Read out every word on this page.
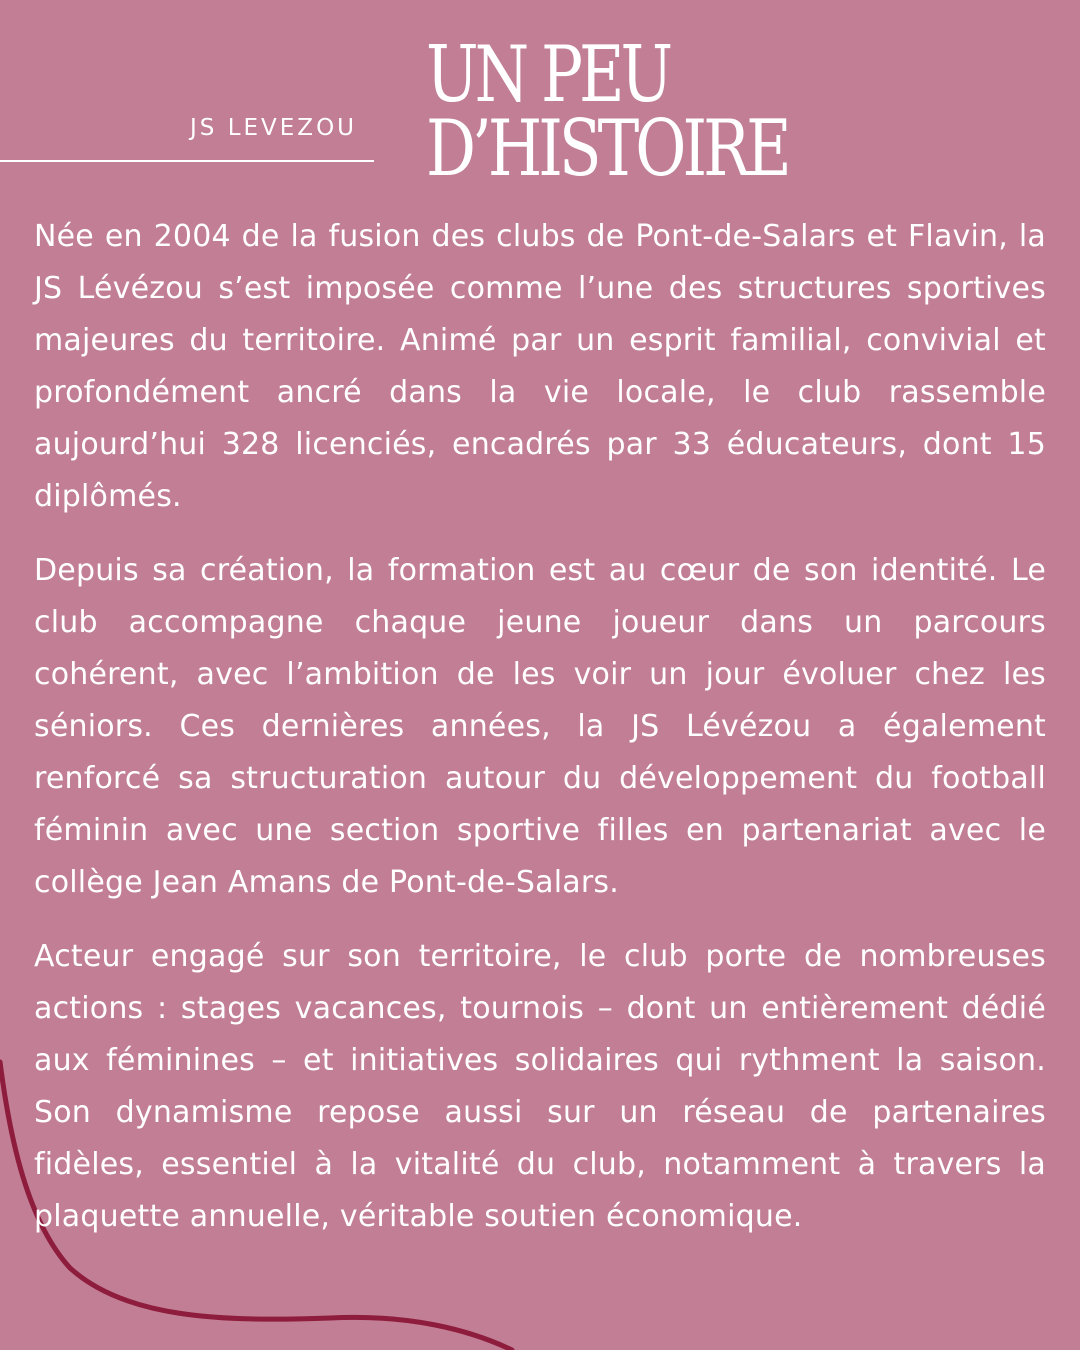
JS LEVEZOU
UN PEU
D’HISTOIRE

Née en 2004 de la fusion des clubs de Pont-de-Salars et Flavin, la JS Lévézou s’est imposée comme l’une des structures sportives majeures du territoire. Animé par un esprit familial, convivial et profondément ancré dans la vie locale, le club rassemble aujourd’hui 328 licenciés, encadrés par 33 éducateurs, dont 15 diplômés.

Depuis sa création, la formation est au cœur de son identité. Le club accompagne chaque jeune joueur dans un parcours cohérent, avec l’ambition de les voir un jour évoluer chez les séniors. Ces dernières années, la JS Lévézou a également renforcé sa structuration autour du développement du football féminin avec une section sportive filles en partenariat avec le collège Jean Amans de Pont-de-Salars.

Acteur engagé sur son territoire, le club porte de nombreuses actions : stages vacances, tournois – dont un entièrement dédié aux féminines – et initiatives solidaires qui rythment la saison. Son dynamisme repose aussi sur un réseau de partenaires fidèles, essentiel à la vitalité du club, notamment à travers la plaquette annuelle, véritable soutien économique.
